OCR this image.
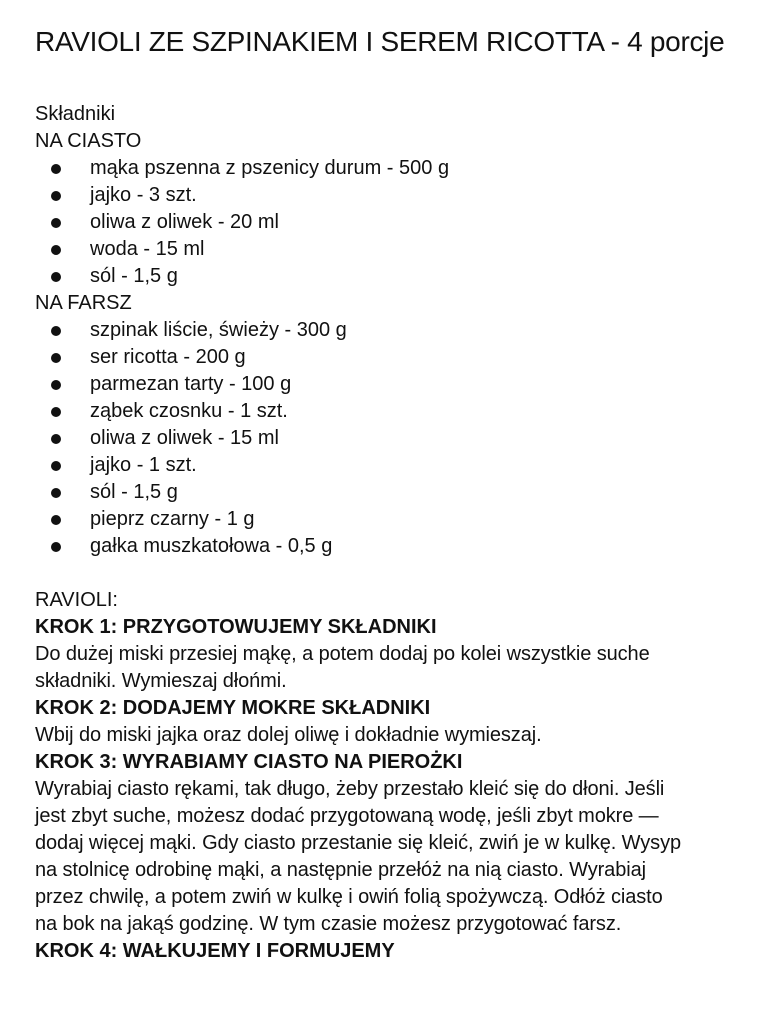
RAVIOLI ZE SZPINAKIEM I SEREM RICOTTA - 4 porcje

Składniki

NA CIASTO

mąka pszenna z pszenicy durum - 500 g
jajko - 3 szt.
oliwa z oliwek - 20 ml
woda - 15 ml
sól - 1,5 g

NA FARSZ

szpinak liście, świeży - 300 g
ser ricotta - 200 g
parmezan tarty - 100 g
ząbek czosnku - 1 szt.
oliwa z oliwek - 15 ml
jajko - 1 szt.
sól - 1,5 g
pieprz czarny - 1 g
gałka muszkatołowa - 0,5 g

RAVIOLI:

KROK 1: PRZYGOTOWUJEMY SKŁADNIKI

Do dużej miski przesiej mąkę, a potem dodaj po kolei wszystkie suche

składniki. Wymieszaj dłońmi.

KROK 2: DODAJEMY MOKRE SKŁADNIKI

Wbij do miski jajka oraz dolej oliwę i dokładnie wymieszaj.

KROK 3: WYRABIAMY CIASTO NA PIEROŻKI

Wyrabiaj ciasto rękami, tak długo, żeby przestało kleić się do dłoni. Jeśli

jest zbyt suche, możesz dodać przygotowaną wodę, jeśli zbyt mokre —

dodaj więcej mąki. Gdy ciasto przestanie się kleić, zwiń je w kulkę. Wysyp

na stolnicę odrobinę mąki, a następnie przełóż na nią ciasto. Wyrabiaj

przez chwilę, a potem zwiń w kulkę i owiń folią spożywczą. Odłóż ciasto

na bok na jakąś godzinę. W tym czasie możesz przygotować farsz.

KROK 4: WAŁKUJEMY I FORMUJEMY
